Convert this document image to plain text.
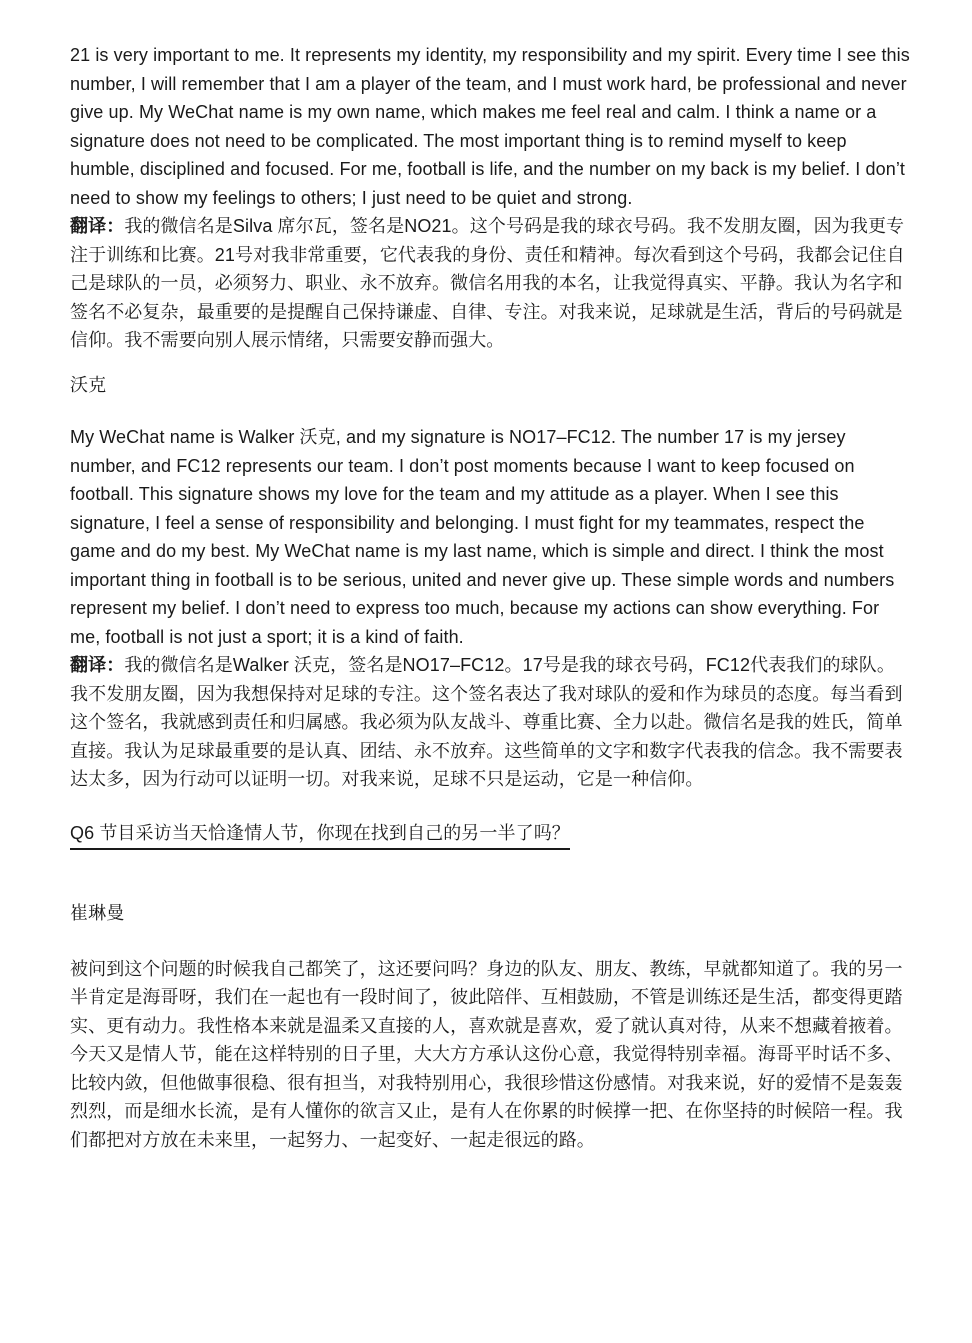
21 is very important to me. It represents my identity, my responsibility and my spirit. Every time I see this number, I will remember that I am a player of the team, and I must work hard, be professional and never give up. My WeChat name is my own name, which makes me feel real and calm. I think a name or a signature does not need to be complicated. The most important thing is to remind myself to keep humble, disciplined and focused. For me, football is life, and the number on my back is my belief. I don’t need to show my feelings to others; I just need to be quiet and strong.

翻译：我的微信名是Silva 席尔瓦，签名是NO21。这个号码是我的球衣号码。我不发朋友圈，因为我更专注于训练和比赛。21号对我非常重要，它代表我的身份、责任和精神。每次看到这个号码，我都会记住自己是球队的一员，必须努力、职业、永不放弃。微信名用我的本名，让我觉得真实、平静。我认为名字和签名不必复杂，最重要的是提醒自己保持谦虚、自律、专注。对我来说，足球就是生活，背后的号码就是信仰。我不需要向别人展示情绪，只需要安静而强大。

沃克

My WeChat name is Walker 沃克, and my signature is NO17–FC12. The number 17 is my jersey number, and FC12 represents our team. I don’t post moments because I want to keep focused on football. This signature shows my love for the team and my attitude as a player. When I see this signature, I feel a sense of responsibility and belonging. I must fight for my teammates, respect the game and do my best. My WeChat name is my last name, which is simple and direct. I think the most important thing in football is to be serious, united and never give up. These simple words and numbers represent my belief. I don’t need to express too much, because my actions can show everything. For me, football is not just a sport; it is a kind of faith.

翻译：我的微信名是Walker 沃克，签名是NO17–FC12。17号是我的球衣号码，FC12代表我们的球队。我不发朋友圈，因为我想保持对足球的专注。这个签名表达了我对球队的爱和作为球员的态度。每当看到这个签名，我就感到责任和归属感。我必须为队友战斗、尊重比赛、全力以赴。微信名是我的姓氏，简单直接。我认为足球最重要的是认真、团结、永不放弃。这些简单的文字和数字代表我的信念。我不需要表达太多，因为行动可以证明一切。对我来说，足球不只是运动，它是一种信仰。

Q6 节目采访当天恰逢情人节，你现在找到自己的另一半了吗？
崔琳曼

被问到这个问题的时候我自己都笑了，这还要问吗？身边的队友、朋友、教练，早就都知道了。我的另一半肯定是海哥呀，我们在一起也有一段时间了，彼此陪伴、互相鼓励，不管是训练还是生活，都变得更踏实、更有动力。我性格本来就是温柔又直接的人，喜欢就是喜欢，爱了就认真对待，从来不想藏着掖着。今天又是情人节，能在这样特别的日子里，大大方方承认这份心意，我觉得特别幸福。海哥平时话不多、比较内敛，但他做事很稳、很有担当，对我特别用心，我很珍惜这份感情。对我来说，好的爱情不是轰轰烈烈，而是细水长流，是有人懂你的欲言又止，是有人在你累的时候撑一把、在你坚持的时候陪一程。我们都把对方放在未来里，一起努力、一起变好、一起走很远的路。
